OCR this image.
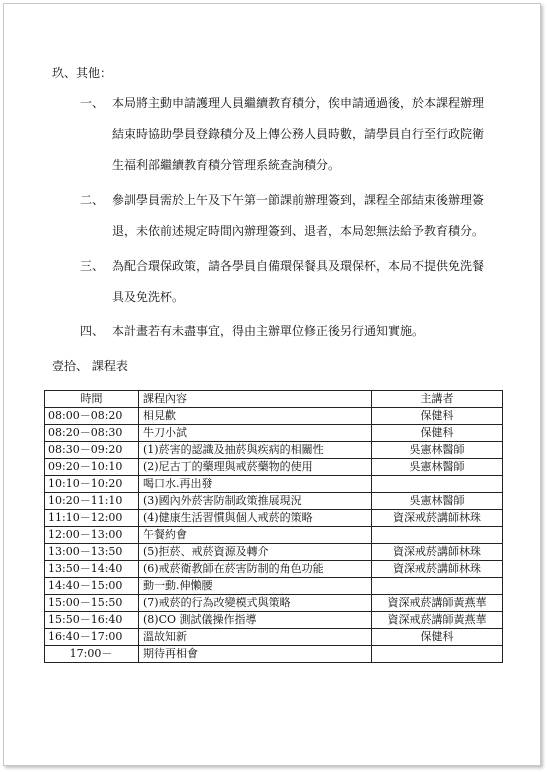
玖、其他：
一、 本局將主動申請護理人員繼續教育積分，俟申請通過後，於本課程辦理
結束時協助學員登錄積分及上傳公務人員時數，請學員自行至行政院衛
生福利部繼續教育積分管理系統查詢積分。
二、 參訓學員需於上午及下午第一節課前辦理簽到，課程全部結束後辦理簽
退，未依前述規定時間內辦理簽到、退者，本局恕無法給予教育積分。
三、 為配合環保政策，請各學員自備環保餐具及環保杯，本局不提供免洗餐
具及免洗杯。
四、 本計畫若有未盡事宜，得由主辦單位修正後另行通知實施。
壹拾、 課程表
時間	課程內容	主講者
08:00－08:20	相見歡	保健科
08:20－08:30	牛刀小試	保健科
08:30－09:20	(1)菸害的認識及抽菸與疾病的相關性	吳憲林醫師
09:20－10:10	(2)尼古丁的藥理與戒菸藥物的使用	吳憲林醫師
10:10－10:20	喝口水.再出發	
10:20－11:10	(3)國內外菸害防制政策推展現況	吳憲林醫師
11:10－12:00	(4)健康生活習慣與個人戒菸的策略	資深戒菸講師林珠
12:00－13:00	午餐約會	
13:00－13:50	(5)拒菸、戒菸資源及轉介	資深戒菸講師林珠
13:50－14:40	(6)戒菸衛教師在菸害防制的角色功能	資深戒菸講師林珠
14:40－15:00	動一動.伸懶腰	
15:00－15:50	(7)戒菸的行為改變模式與策略	資深戒菸講師黃燕華
15:50－16:40	(8)CO 測試儀操作指導	資深戒菸講師黃燕華
16:40－17:00	溫故知新	保健科
17:00－	期待再相會	
